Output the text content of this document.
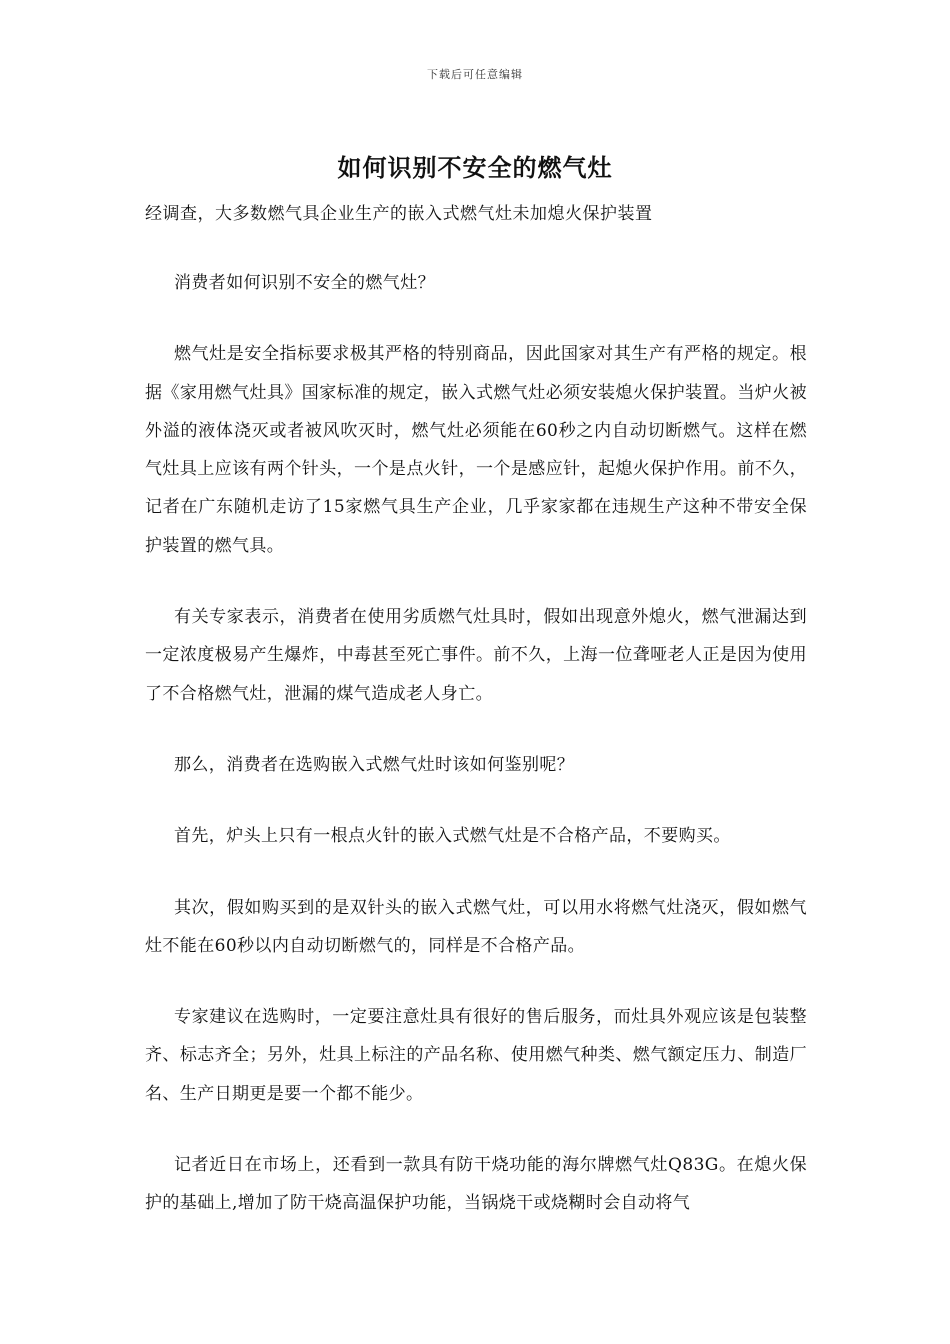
下载后可任意编辑
如何识别不安全的燃气灶

经调查，大多数燃气具企业生产的嵌入式燃气灶未加熄火保护装置

消费者如何识别不安全的燃气灶？

燃气灶是安全指标要求极其严格的特别商品，因此国家对其生产有严格的规定。根据《家用燃气灶具》国家标准的规定，嵌入式燃气灶必须安装熄火保护装置。当炉火被外溢的液体浇灭或者被风吹灭时，燃气灶必须能在60秒之内自动切断燃气。这样在燃气灶具上应该有两个针头，一个是点火针，一个是感应针，起熄火保护作用。前不久，记者在广东随机走访了15家燃气具生产企业，几乎家家都在违规生产这种不带安全保护装置的燃气具。

有关专家表示，消费者在使用劣质燃气灶具时，假如出现意外熄火，燃气泄漏达到一定浓度极易产生爆炸，中毒甚至死亡事件。前不久，上海一位聋哑老人正是因为使用了不合格燃气灶，泄漏的煤气造成老人身亡。

那么，消费者在选购嵌入式燃气灶时该如何鉴别呢？

首先，炉头上只有一根点火针的嵌入式燃气灶是不合格产品，不要购买。

其次，假如购买到的是双针头的嵌入式燃气灶，可以用水将燃气灶浇灭，假如燃气灶不能在60秒以内自动切断燃气的，同样是不合格产品。

专家建议在选购时，一定要注意灶具有很好的售后服务，而灶具外观应该是包装整齐、标志齐全；另外，灶具上标注的产品名称、使用燃气种类、燃气额定压力、制造厂名、生产日期更是要一个都不能少。

记者近日在市场上，还看到一款具有防干烧功能的海尔牌燃气灶Q83G。在熄火保护的基础上,增加了防干烧高温保护功能，当锅烧干或烧糊时会自动将气
